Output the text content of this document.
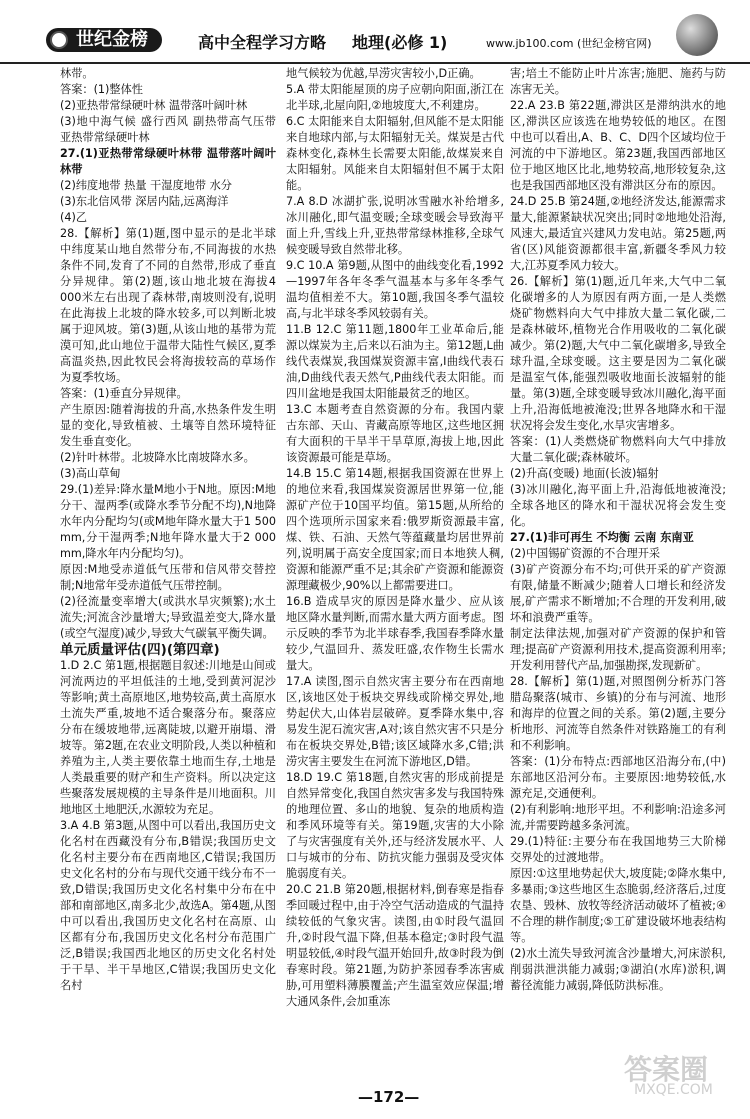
世纪金榜	高中全程学习方略 地理(必修 1)	www.jb100.com (世纪金榜官网)

林带。

答案：(1)整体性

(2)亚热带常绿硬叶林 温带落叶阔叶林

(3)地中海气候 盛行西风 副热带高气压带 亚热带常绿硬叶林

27.(1)亚热带常绿硬叶林带 温带落叶阔叶林带

(2)纬度地带 热量 干湿度地带 水分

(3)东北信风带 深居内陆,远离海洋

(4)乙

28.【解析】第(1)题,图中显示的是北半球中纬度某山地自然带分布,不同海拔的水热条件不同,发育了不同的自然带,形成了垂直分异规律。第(2)题,该山地北坡在海拔4 000米左右出现了森林带,南坡则没有,说明在此海拔上北坡的降水较多,可以判断北坡属于迎风坡。第(3)题,从该山地的基带为荒漠可知,此山地位于温带大陆性气候区,夏季高温炎热,因此牧民会将海拔较高的草场作为夏季牧场。

答案：(1)垂直分异规律。

产生原因:随着海拔的升高,水热条件发生明显的变化,导致植被、土壤等自然环境特征发生垂直变化。

(2)针叶林带。北坡降水比南坡降水多。

(3)高山草甸

29.(1)差异:降水量M地小于N地。原因:M地分干、湿两季(或降水季节分配不均),N地降水年内分配均匀(或M地年降水量大于1 500 mm,分干湿两季;N地年降水量大于2 000 mm,降水年内分配均匀)。

原因:M地受赤道低气压带和信风带交替控制;N地常年受赤道低气压带控制。

(2)径流量变率增大(或洪水旱灾频繁);水土流失;河流含沙量增大;导致温差变大,降水量(或空气湿度)减少,导致大气碳氧平衡失调。

单元质量评估(四)(第四章)

1.D 2.C 第1题,根据题目叙述:川地是山间或河流两边的平坦低洼的土地,受到黄河泥沙等影响;黄土高原地区,地势较高,黄土高原水土流失严重,坡地不适合聚落分布。聚落应分布在缓坡地带,远离陡坡,以避开崩塌、滑坡等。第2题,在农业文明阶段,人类以种植和养殖为主,人类主要依靠土地而生存,土地是人类最重要的财产和生产资料。所以决定这些聚落发展规模的主导条件是川地面积。川地地区土地肥沃,水源较为充足。

3.A 4.B 第3题,从图中可以看出,我国历史文化名村在西藏没有分布,B错误;我国历史文化名村主要分布在西南地区,C错误;我国历史文化名村的分布与现代交通干线分布不一致,D错误;我国历史文化名村集中分布在中部和南部地区,南多北少,故选A。第4题,从图中可以看出,我国历史文化名村在高原、山区都有分布,我国历史文化名村分布范围广泛,B错误;我国西北地区的历史文化名村处于干旱、半干旱地区,C错误;我国历史文化名村

地气候较为优越,旱涝灾害较小,D正确。

5.A 带太阳能屋顶的房子应朝向阳面,浙江在北半球,北屋向阳,②地坡度大,不利建房。

6.C 太阳能来自太阳辐射,但风能不是太阳能来自地球内部,与太阳辐射无关。煤炭是古代森林变化,森林生长需要太阳能,故煤炭来自太阳辐射。风能来自太阳辐射但不属于太阳能。

7.A 8.D 冰湖扩张,说明冰雪融水补给增多,冰川融化,即气温变暖;全球变暖会导致海平面上升,雪线上升,亚热带常绿林推移,全球气候变暖导致自然带北移。

9.C 10.A 第9题,从图中的曲线变化看,1992—1997年各年冬季气温基本与多年冬季气温均值相差不大。第10题,我国冬季气温较高,与北半球冬季风较弱有关。

11.B 12.C 第11题,1800年工业革命后,能源以煤炭为主,后来以石油为主。第12题,L曲线代表煤炭,我国煤炭资源丰富,I曲线代表石油,D曲线代表天然气,P曲线代表太阳能。而四川盆地是我国太阳能最贫乏的地区。

13.C 本题考查自然资源的分布。我国内蒙古东部、天山、青藏高原等地区,这些地区拥有大面积的干旱半干旱草原,海拔上地,因此该资源最可能是草场。

14.B 15.C 第14题,根据我国资源在世界上的地位来看,我国煤炭资源居世界第一位,能源矿产位于10国平均值。第15题,从所给的四个选项所示国家来看:俄罗斯资源最丰富,煤、铁、石油、天然气等蕴藏量均居世界前列,说明属于高安全度国家;而日本地狭人稠,资源和能源严重不足;其余矿产资源和能源资源理藏极少,90%以上都需要进口。

16.B 造成旱灾的原因是降水量少、应从该地区降水量判断,而需水量大两方面考虑。图示反映的季节为北半球春季,我国春季降水量较少,气温回升、蒸发旺盛,农作物生长需水量大。

17.A 读图,图示自然灾害主要分布在西南地区,该地区处于板块交界线或阶梯交界处,地势起伏大,山体岩层破碎。夏季降水集中,容易发生泥石流灾害,A对;该自然灾害不只是分布在板块交界处,B错;该区域降水多,C错;洪涝灾害主要发生在河流下游地区,D错。

18.D 19.C 第18题,自然灾害的形成前提是自然异常变化,我国自然灾害多发与我国特殊的地理位置、多山的地貌、复杂的地质构造和季风环境等有关。第19题,灾害的大小除了与灾害强度有关外,还与经济发展水平、人口与城市的分布、防抗灾能力强弱及受灾体脆弱度有关。

20.C 21.B 第20题,根据材料,倒春寒是指春季回暖过程中,由于冷空气活动造成的气温持续较低的气象灾害。读图,由①时段气温回升,②时段气温下降,但基本稳定;③时段气温明显较低,④时段气温开始回升,故③时段为倒春寒时段。第21题,为防护茶园春季冻害威胁,可用塑料薄膜覆盖;产生温室效应保温;增大通风条件,会加重冻

害;培土不能防止叶片冻害;施肥、施药与防冻害无关。

22.A 23.B 第22题,滞洪区是滞纳洪水的地区,滞洪区应该选在地势较低的地区。在图中也可以看出,A、B、C、D四个区域均位于河流的中下游地区。第23题,我国西部地区位于地区地区比北,地势较高,地形较复杂,这也是我国西部地区没有滞洪区分布的原因。

24.D 25.B 第24题,②地经济发达,能源需求量大,能源紧缺状况突出;同时②地地处沿海,风速大,最适宜兴建风力发电站。第25题,两省(区)风能资源都很丰富,新疆冬季风力较大,江苏夏季风力较大。

26.【解析】第(1)题,近几年来,大气中二氧化碳增多的人为原因有两方面,一是人类燃烧矿物燃料向大气中排放大量二氧化碳,二是森林破坏,植物光合作用吸收的二氧化碳减少。第(2)题,大气中二氧化碳增多,导致全球升温,全球变暖。这主要是因为二氧化碳是温室气体,能强烈吸收地面长波辐射的能量。第(3)题,全球变暖导致冰川融化,海平面上升,沿海低地被淹没;世界各地降水和干湿状况将会发生变化,水旱灾害增多。

答案：(1)人类燃烧矿物燃料向大气中排放大量二氧化碳;森林破坏。

(2)升高(变暖) 地面(长波)辐射

(3)冰川融化,海平面上升,沿海低地被淹没;全球各地区的降水和干湿状况将会发生变化。

27.(1)非可再生 不均衡 云南 东南亚

(2)中国锡矿资源的不合理开采

(3)矿产资源分布不均;可供开采的矿产资源有限,储量不断减少;随着人口增长和经济发展,矿产需求不断增加;不合理的开发利用,破坏和浪费严重等。

制定法律法规,加强对矿产资源的保护和管理;提高矿产资源利用技术,提高资源利用率;开发利用替代产品,加强勘探,发现新矿。

28.【解析】第(1)题,对照图例分析苏门答腊岛聚落(城市、乡镇)的分布与河流、地形和海岸的位置之间的关系。第(2)题,主要分析地形、河流等自然条件对铁路施工的有利和不利影响。

答案：(1)分布特点:西部地区沿海分布,(中)东部地区沿河分布。主要原因:地势较低,水源充足,交通便利。

(2)有利影响:地形平坦。不利影响:沿途多河流,并需要跨越多条河流。

29.(1)特征:主要分布在我国地势三大阶梯交界处的过渡地带。

原因:①这里地势起伏大,坡度陡;②降水集中,多暴雨;③这些地区生态脆弱,经济落后,过度农垦、毁林、放牧等经济活动破坏了植被;④不合理的耕作制度;⑤工矿建设破坏地表结构等。

(2)水土流失导致河流含沙量增大,河床淤积,削弱洪泄洪能力减弱;③湖泊(水库)淤积,调蓄径流能力减弱,降低防洪标准。

—172—
答案圈
MXQE.COM
